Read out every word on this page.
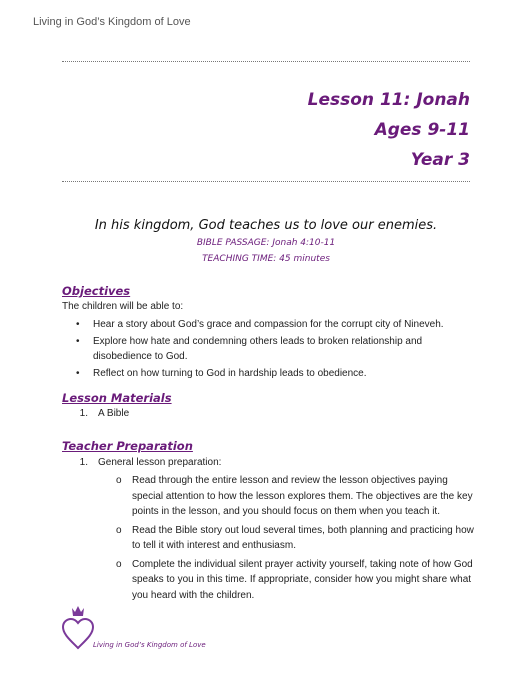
Living in God’s Kingdom of Love
Lesson 11: Jonah
Ages 9-11
Year 3
In his kingdom, God teaches us to love our enemies.
BIBLE PASSAGE: Jonah 4:10-11
TEACHING TIME: 45 minutes
Objectives
The children will be able to:
• Hear a story about God’s grace and compassion for the corrupt city of Nineveh.
• Explore how hate and condemning others leads to broken relationship and disobedience to God.
• Reflect on how turning to God in hardship leads to obedience.
Lesson Materials
1. A Bible
Teacher Preparation
1. General lesson preparation:
o Read through the entire lesson and review the lesson objectives paying special attention to how the lesson explores them. The objectives are the key points in the lesson, and you should focus on them when you teach it.
o Read the Bible story out loud several times, both planning and practicing how to tell it with interest and enthusiasm.
o Complete the individual silent prayer activity yourself, taking note of how God speaks to you in this time. If appropriate, consider how you might share what you heard with the children.
Living in God’s Kingdom of Love
